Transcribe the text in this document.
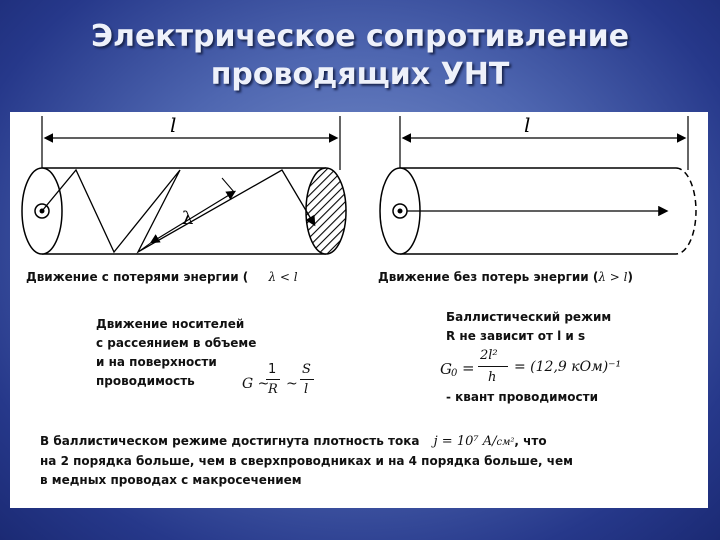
Электрическое сопротивление
проводящих УНТ
l
λ
l
Движение с потерями энергии ( λ < l	Движение без потерь энергии (λ > l)
Движение носителей
с рассеянием в объеме
и на поверхности
проводимость	G ~
1
R ~
S
l
Баллистический режим
R не зависит от l и s
G 0 =
2l²
h
= (12,9 кОм)⁻¹
- квант проводимости
В баллистическом режиме достигнута плотность тока j = 10⁷ A/см², что
на 2 порядка больше, чем в сверхпроводниках и на 4 порядка больше, чем
в медных проводах с макросечением
